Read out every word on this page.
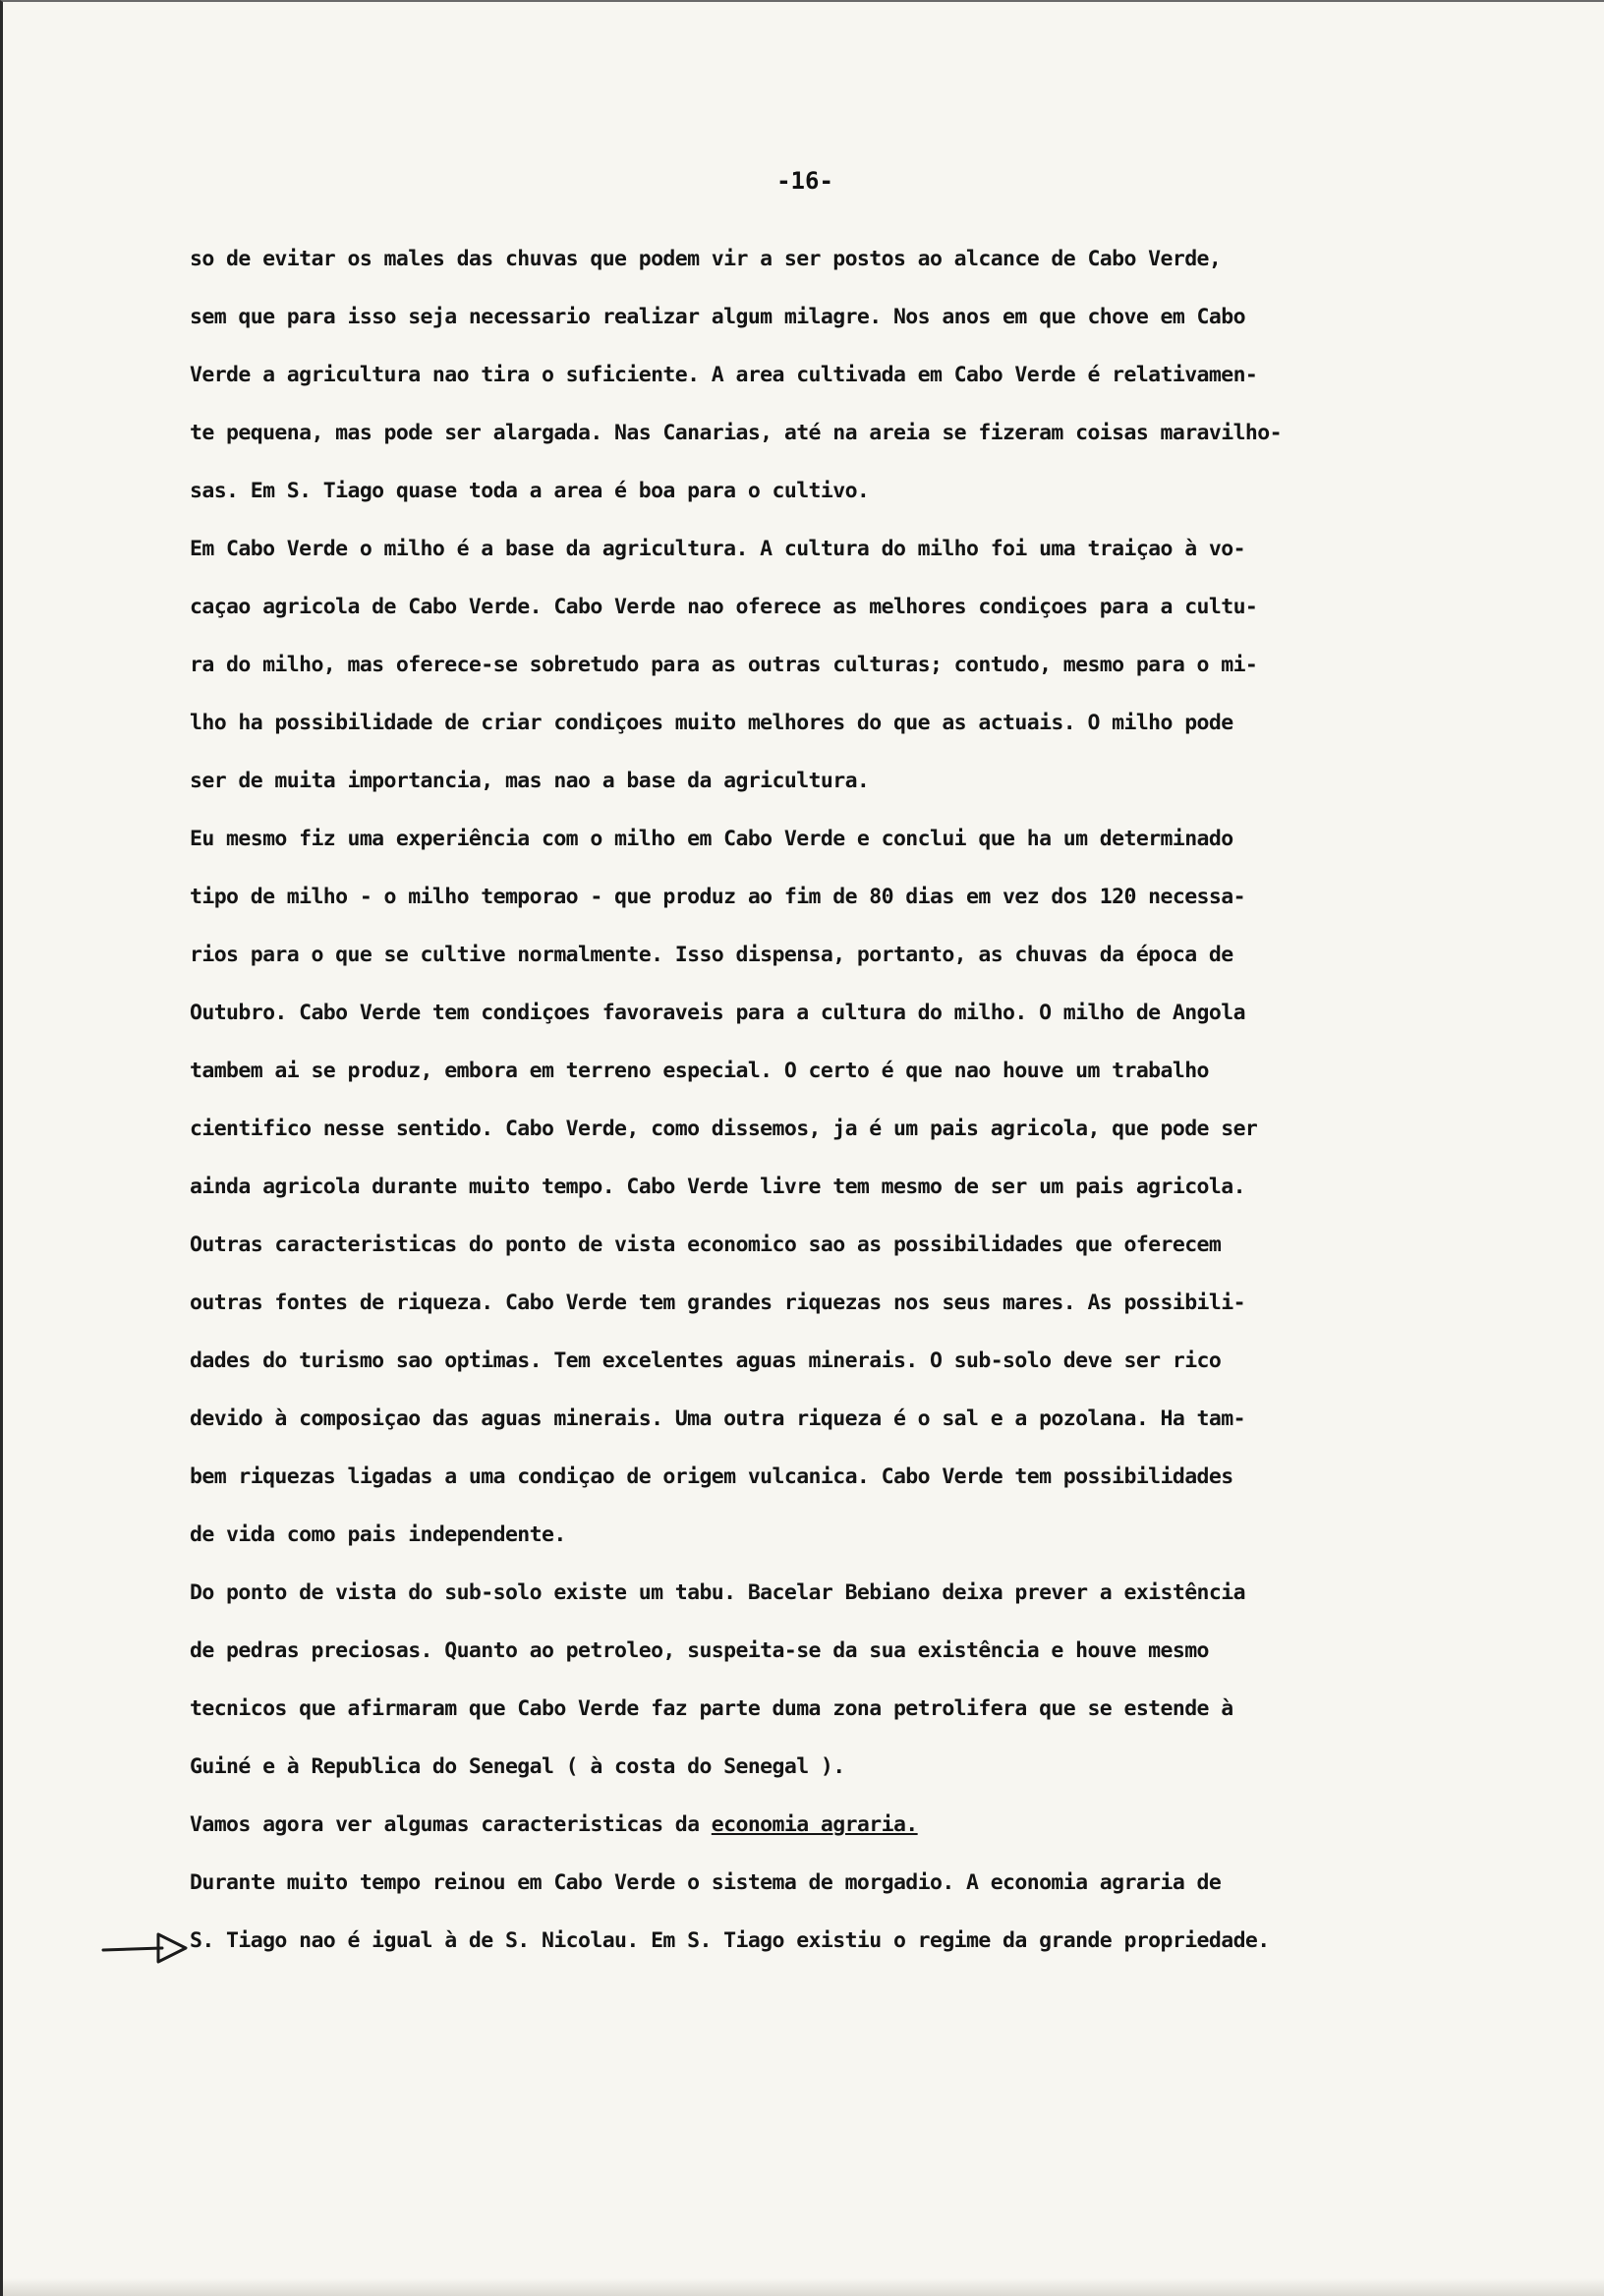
-16-
so de evitar os males das chuvas que podem vir a ser postos ao alcance de Cabo Verde,
sem que para isso seja necessario realizar algum milagre. Nos anos em que chove em Cabo
Verde a agricultura nao tira o suficiente. A area cultivada em Cabo Verde é relativamen-
te pequena, mas pode ser alargada. Nas Canarias, até na areia se fizeram coisas maravilho-
sas. Em S. Tiago quase toda a area é boa para o cultivo.
Em Cabo Verde o milho é a base da agricultura. A cultura do milho foi uma traiçao à vo-
caçao agricola de Cabo Verde. Cabo Verde nao oferece as melhores condiçoes para a cultu-
ra do milho, mas oferece-se sobretudo para as outras culturas; contudo, mesmo para o mi-
lho ha possibilidade de criar condiçoes muito melhores do que as actuais. O milho pode
ser de muita importancia, mas nao a base da agricultura.
Eu mesmo fiz uma experiência com o milho em Cabo Verde e conclui que ha um determinado
tipo de milho - o milho temporao - que produz ao fim de 80 dias em vez dos 120 necessa-
rios para o que se cultive normalmente. Isso dispensa, portanto, as chuvas da época de
Outubro. Cabo Verde tem condiçoes favoraveis para a cultura do milho. O milho de Angola
tambem ai se produz, embora em terreno especial. O certo é que nao houve um trabalho
cientifico nesse sentido. Cabo Verde, como dissemos, ja é um pais agricola, que pode ser
ainda agricola durante muito tempo. Cabo Verde livre tem mesmo de ser um pais agricola.
Outras caracteristicas do ponto de vista economico sao as possibilidades que oferecem
outras fontes de riqueza. Cabo Verde tem grandes riquezas nos seus mares. As possibili-
dades do turismo sao optimas. Tem excelentes aguas minerais. O sub-solo deve ser rico
devido à composiçao das aguas minerais. Uma outra riqueza é o sal e a pozolana. Ha tam-
bem riquezas ligadas a uma condiçao de origem vulcanica. Cabo Verde tem possibilidades
de vida como pais independente.
Do ponto de vista do sub-solo existe um tabu. Bacelar Bebiano deixa prever a existência
de pedras preciosas. Quanto ao petroleo, suspeita-se da sua existência e houve mesmo
tecnicos que afirmaram que Cabo Verde faz parte duma zona petrolifera que se estende à
Guiné e à Republica do Senegal ( à costa do Senegal ).
Vamos agora ver algumas caracteristicas da economia agraria.
Durante muito tempo reinou em Cabo Verde o sistema de morgadio. A economia agraria de
S. Tiago nao é igual à de S. Nicolau. Em S. Tiago existiu o regime da grande propriedade.
